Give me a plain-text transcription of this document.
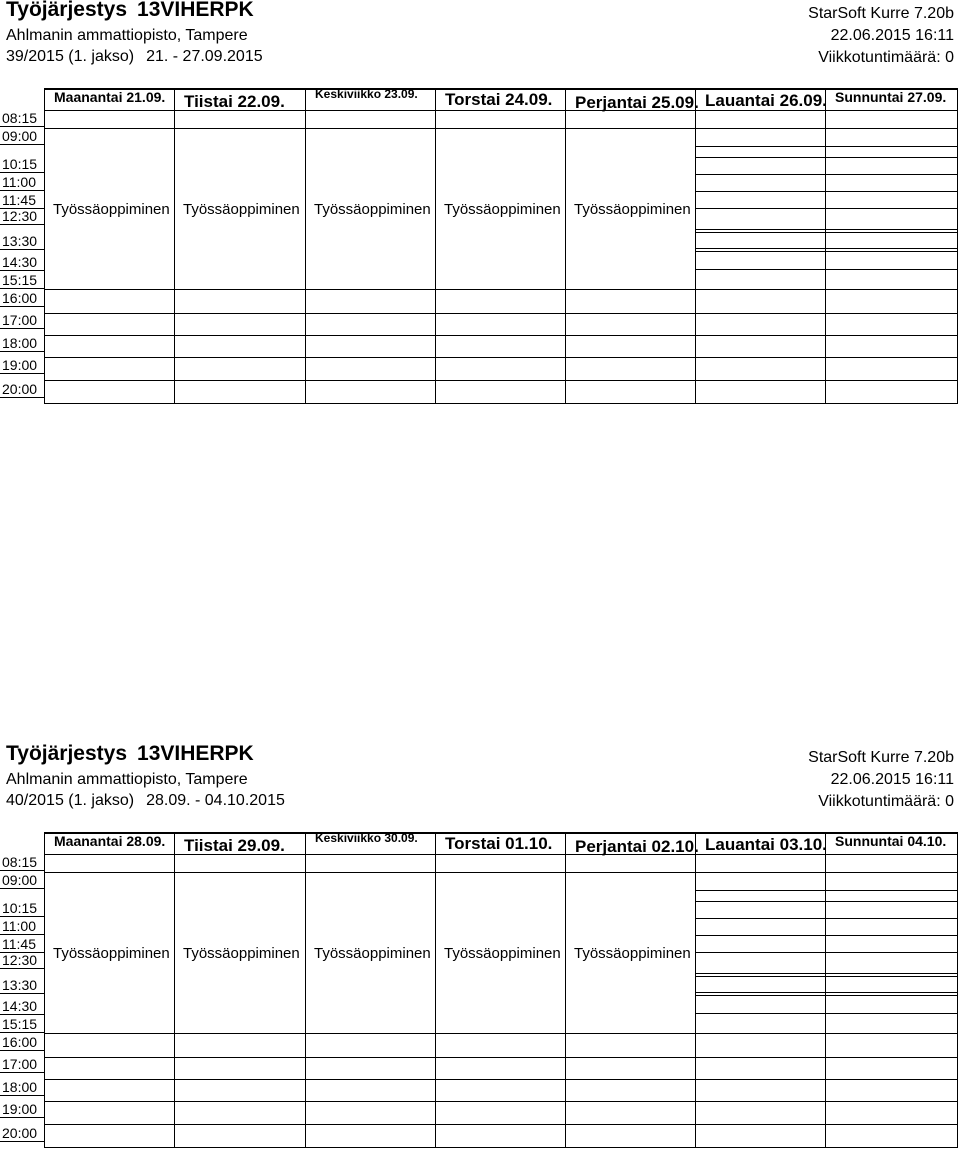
Työjärjestys 13VIHERPK
Ahlmanin ammattiopisto, Tampere
39/2015 (1. jakso) 21. - 27.09.2015
StarSoft Kurre 7.20b
22.06.2015 16:11
Viikkotuntimäärä: 0
08:15
09:00
10:15
11:00
11:45
12:30
13:30
14:30
15:15
16:00
17:00
18:00
19:00
20:00
Maanantai 21.09. Tiistai 22.09.	Keskiviikko 23.09. Torstai 24.09. Perjantai 25.09. Lauantai 26.09. Sunnuntai 27.09.
Työssäoppiminen Työssäoppiminen Työssäoppiminen Työssäoppiminen Työssäoppiminen
Työjärjestys 13VIHERPK
Ahlmanin ammattiopisto, Tampere
40/2015 (1. jakso) 28.09. - 04.10.2015
StarSoft Kurre 7.20b
22.06.2015 16:11
Viikkotuntimäärä: 0
08:15
09:00
10:15
11:00
11:45
12:30
13:30
14:30
15:15
16:00
17:00
18:00
19:00
20:00
Maanantai 28.09. Tiistai 29.09.	Keskiviikko 30.09. Torstai 01.10. Perjantai 02.10. Lauantai 03.10. Sunnuntai 04.10.
Työssäoppiminen Työssäoppiminen Työssäoppiminen Työssäoppiminen Työssäoppiminen
